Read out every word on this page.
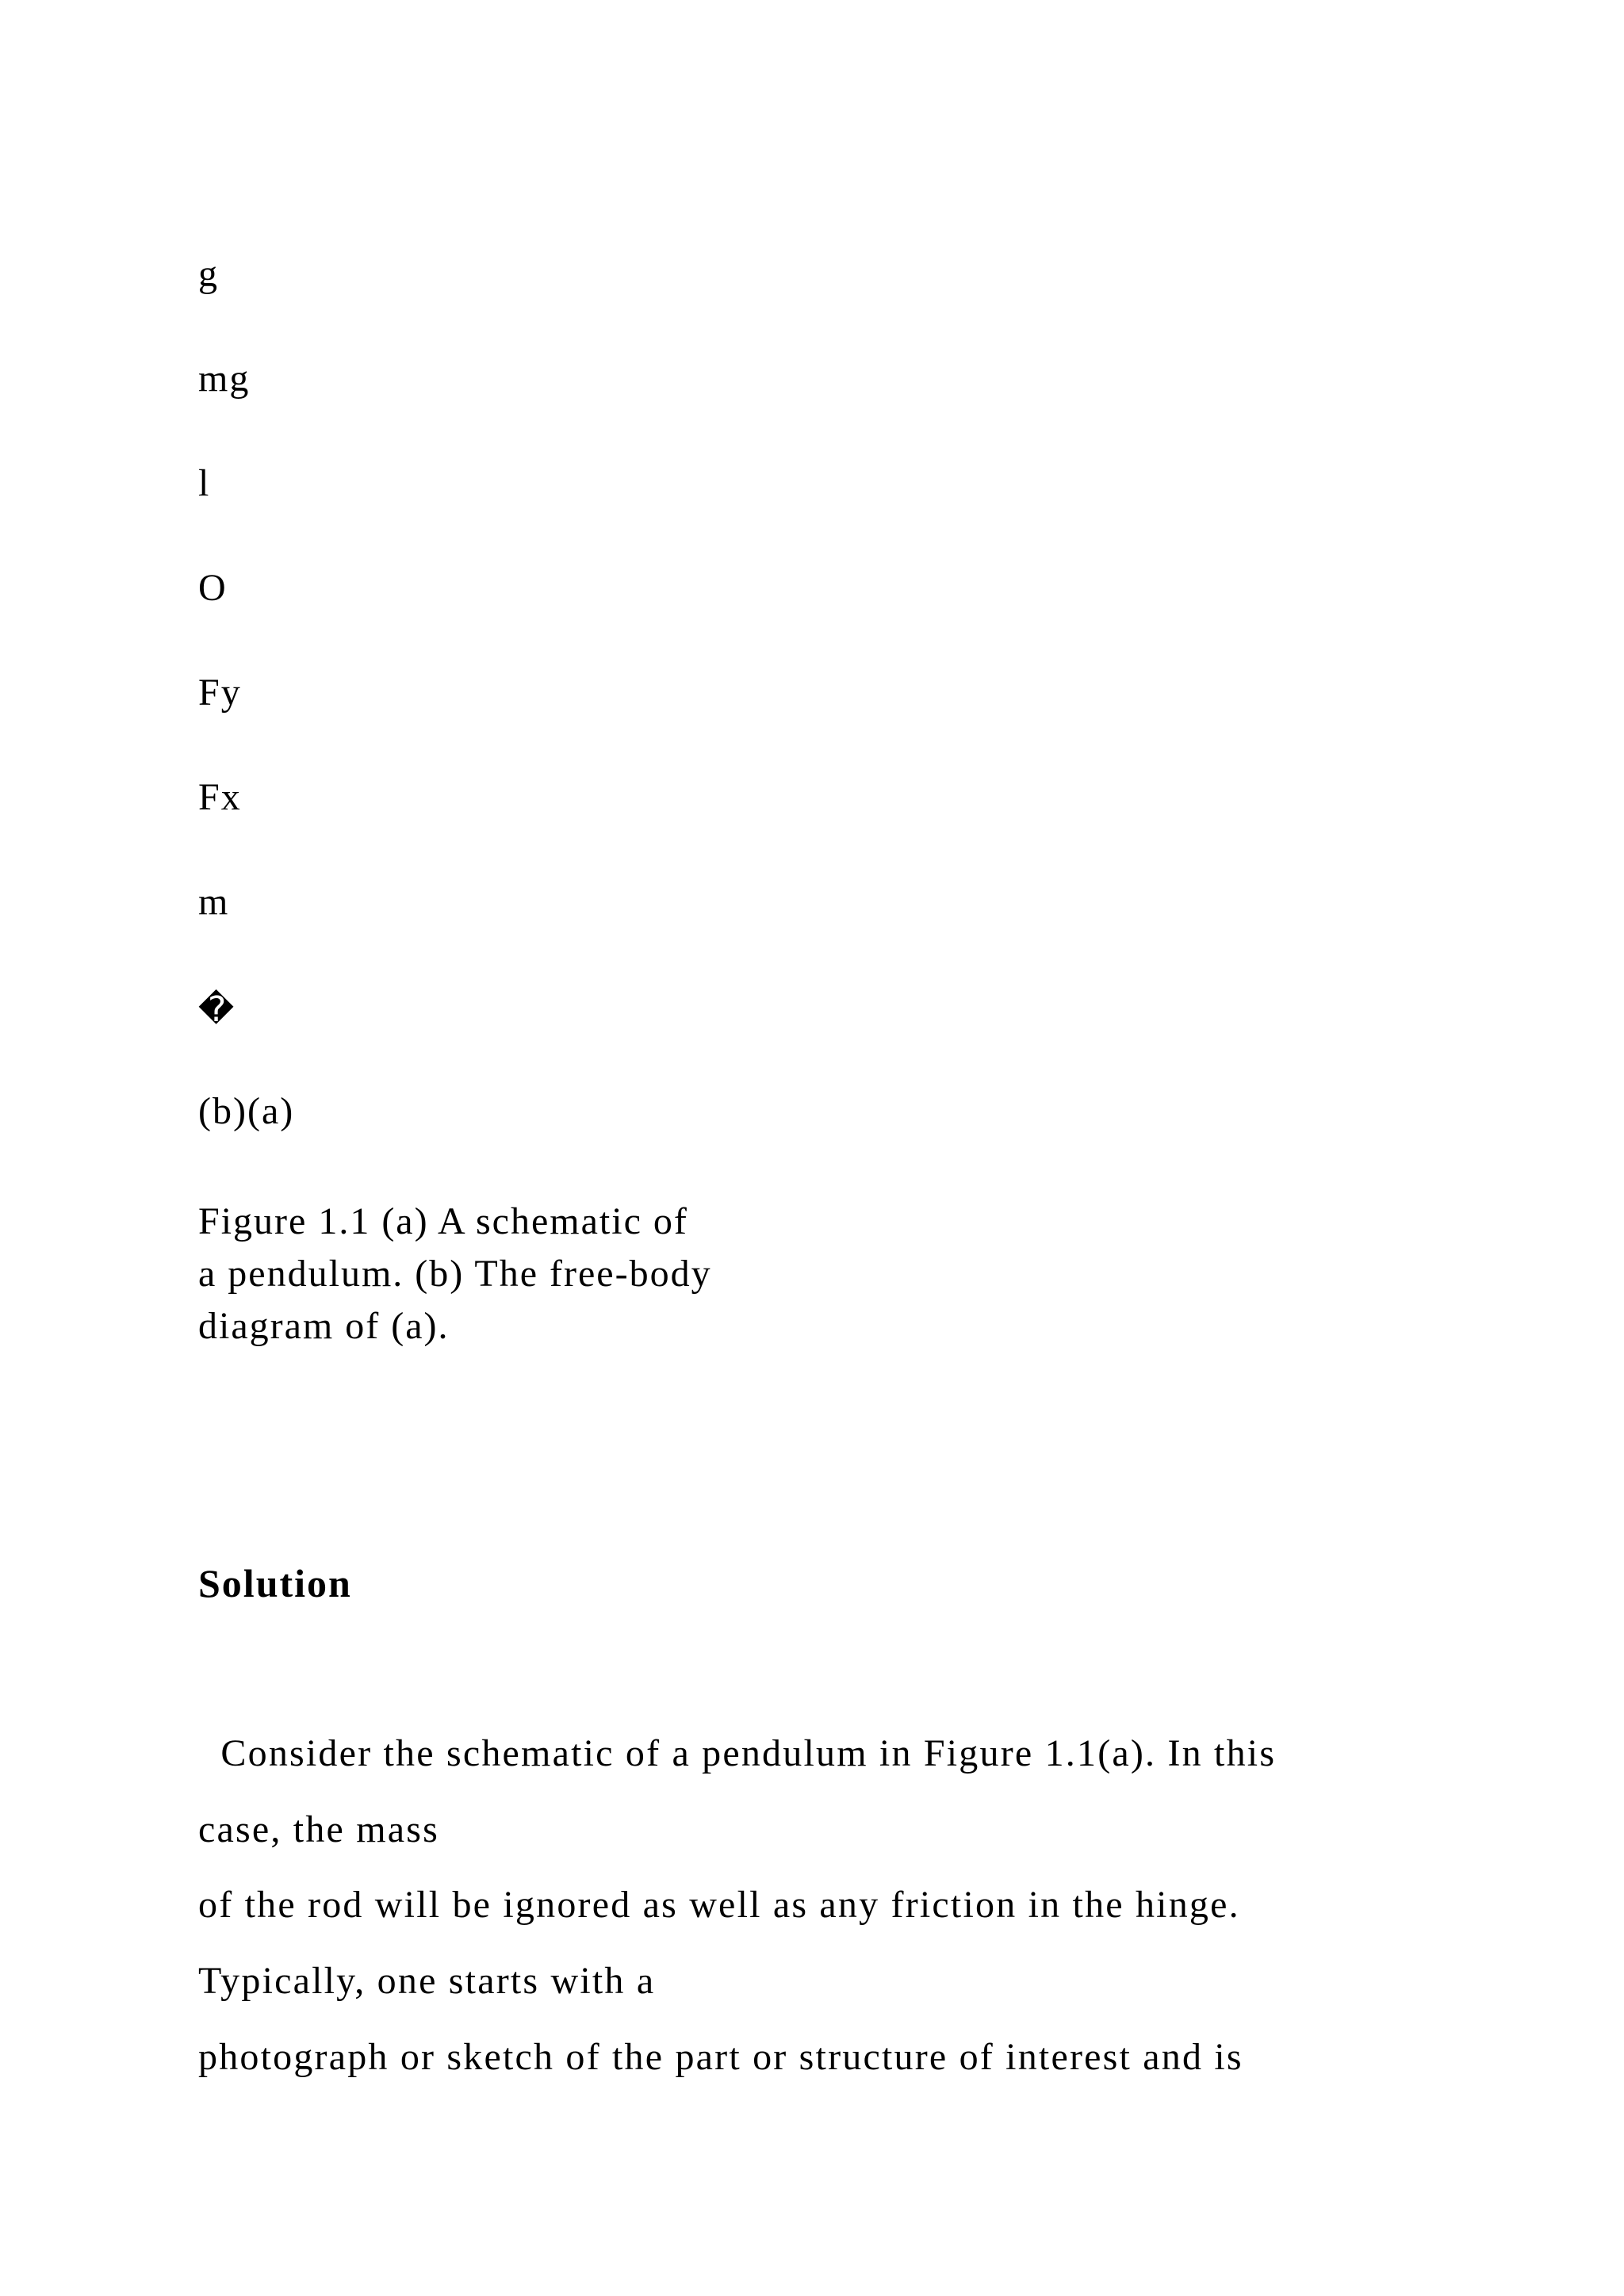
g
mg
l
O
Fy
Fx
m
�
(b)(a)
Figure 1.1 (a) A schematic of
a pendulum. (b) The free-body
diagram of (a).
Solution
Consider the schematic of a pendulum in Figure 1.1(a). In this
case, the mass
of the rod will be ignored as well as any friction in the hinge.
Typically, one starts with a
photograph or sketch of the part or structure of interest and is
